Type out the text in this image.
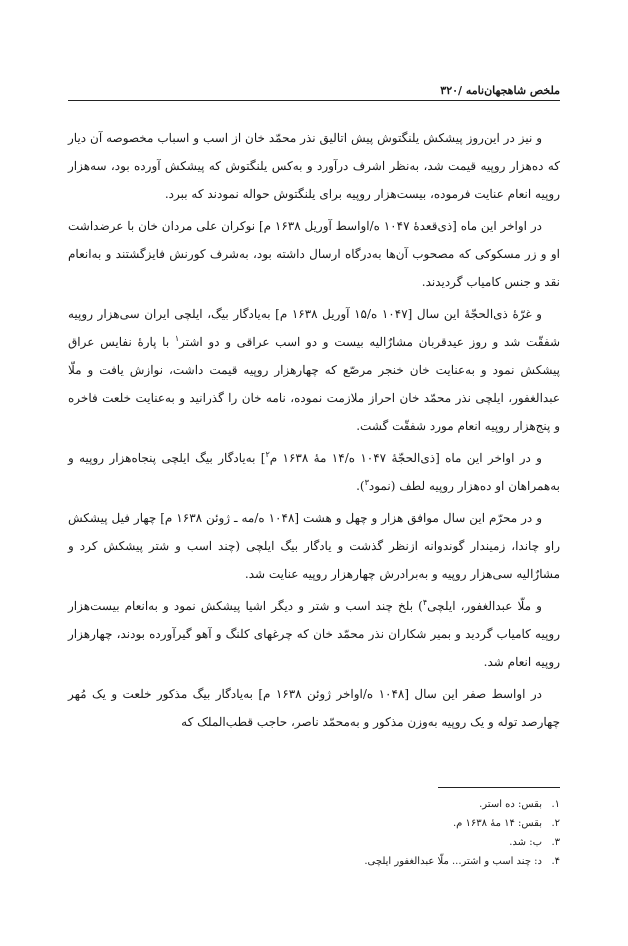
ملخص شاهجهان‌نامه /۳۲۰

و نیز در این‌روز پیشکش یلنگتوش پیش اتالیق نذر محمّد خان از اسب و اسباب مخصوصه آن دیار که ده‌هزار روپیه قیمت شد، به‌نظر اشرف درآورد و به‌کس یلنگتوش که پیشکش آورده بود، سه‌هزار روپیه انعام عنایت فرموده، بیست‌هزار روپیه برای یلنگتوش حواله نمودند که ببرد.

در اواخر این ماه [ذی‌قعدهٔ ۱۰۴۷ ه/اواسط آوریل ۱۶۳۸ م] نوکران علی مردان خان با عرضداشت او و زر مسکوکی که مصحوب آن‌ها به‌درگاه ارسال داشته بود، به‌شرف کورنش فایزگشتند و به‌انعام نقد و جنس کامیاب گردیدند.

و غرّهٔ ذی‌الحجّهٔ این سال [۱۰۴۷ ه/۱۵ آوریل ۱۶۳۸ م] به‌یادگار بیگ، ایلچی ایران سی‌هزار روپیه شفقّت شد و روز عیدقربان مشارٌالیه بیست و دو اسب عراقی و دو اشتر$^۱$ با پارهٔ نفایس عراق پیشکش نمود و به‌عنایت خان خنجر مرصّع که چهارهزار روپیه قیمت داشت، نوازش یافت و ملّا عبدالغفور، ایلچی نذر محمّد خان احراز ملازمت نموده، نامه خان را گذرانید و به‌عنایت خلعت فاخره و پنج‌هزار روپیه انعام مورد شفقّت گشت.

و در اواخر این ماه [ذی‌الحجّهٔ ۱۰۴۷ ه/۱۴ مهٔ ۱۶۳۸ م$^۲$] به‌یادگار بیگ ایلچی پنجاه‌هزار روپیه و به‌همراهان او ده‌هزار روپیه لطف (نمود$^۳$).

و در محرّم این سال موافق هزار و چهل و هشت [۱۰۴۸ ه/مه ـ ژوئن ۱۶۳۸ م] چهار فیل پیشکش راو چاندا، زمیندار گوندوانه ازنظر گذشت و یادگار بیگ ایلچی (چند اسب و شتر پیشکش کرد و مشارٌالیه سی‌هزار روپیه و به‌برادرش چهارهزار روپیه عنایت شد.

و ملّا عبدالغفور، ایلچی$^۴$) بلخ چند اسب و شتر و دیگر اشیا پیشکش نمود و به‌انعام بیست‌هزار روپیه کامیاب گردید و بمیر شکاران نذر محمّد خان که چرغهای کلنگ و آهو گیرآورده بودند، چهارهزار روپیه انعام شد.

در اواسط صفر این سال [۱۰۴۸ ه/اواخر ژوئن ۱۶۳۸ م] به‌یادگار بیگ مذکور خلعت و یک مُهر چهارصد توله و یک روپیه به‌وزن مذکور و به‌محمّد ناصر، حاجب قطب‌الملک که

۱.بقس: ده استر.
۲.بقس: ۱۴ مهٔ ۱۶۳۸ م.
۳.ب: شد.
۴.د: چند اسب و اشتر... ملّا عبدالغفور ایلچی.
